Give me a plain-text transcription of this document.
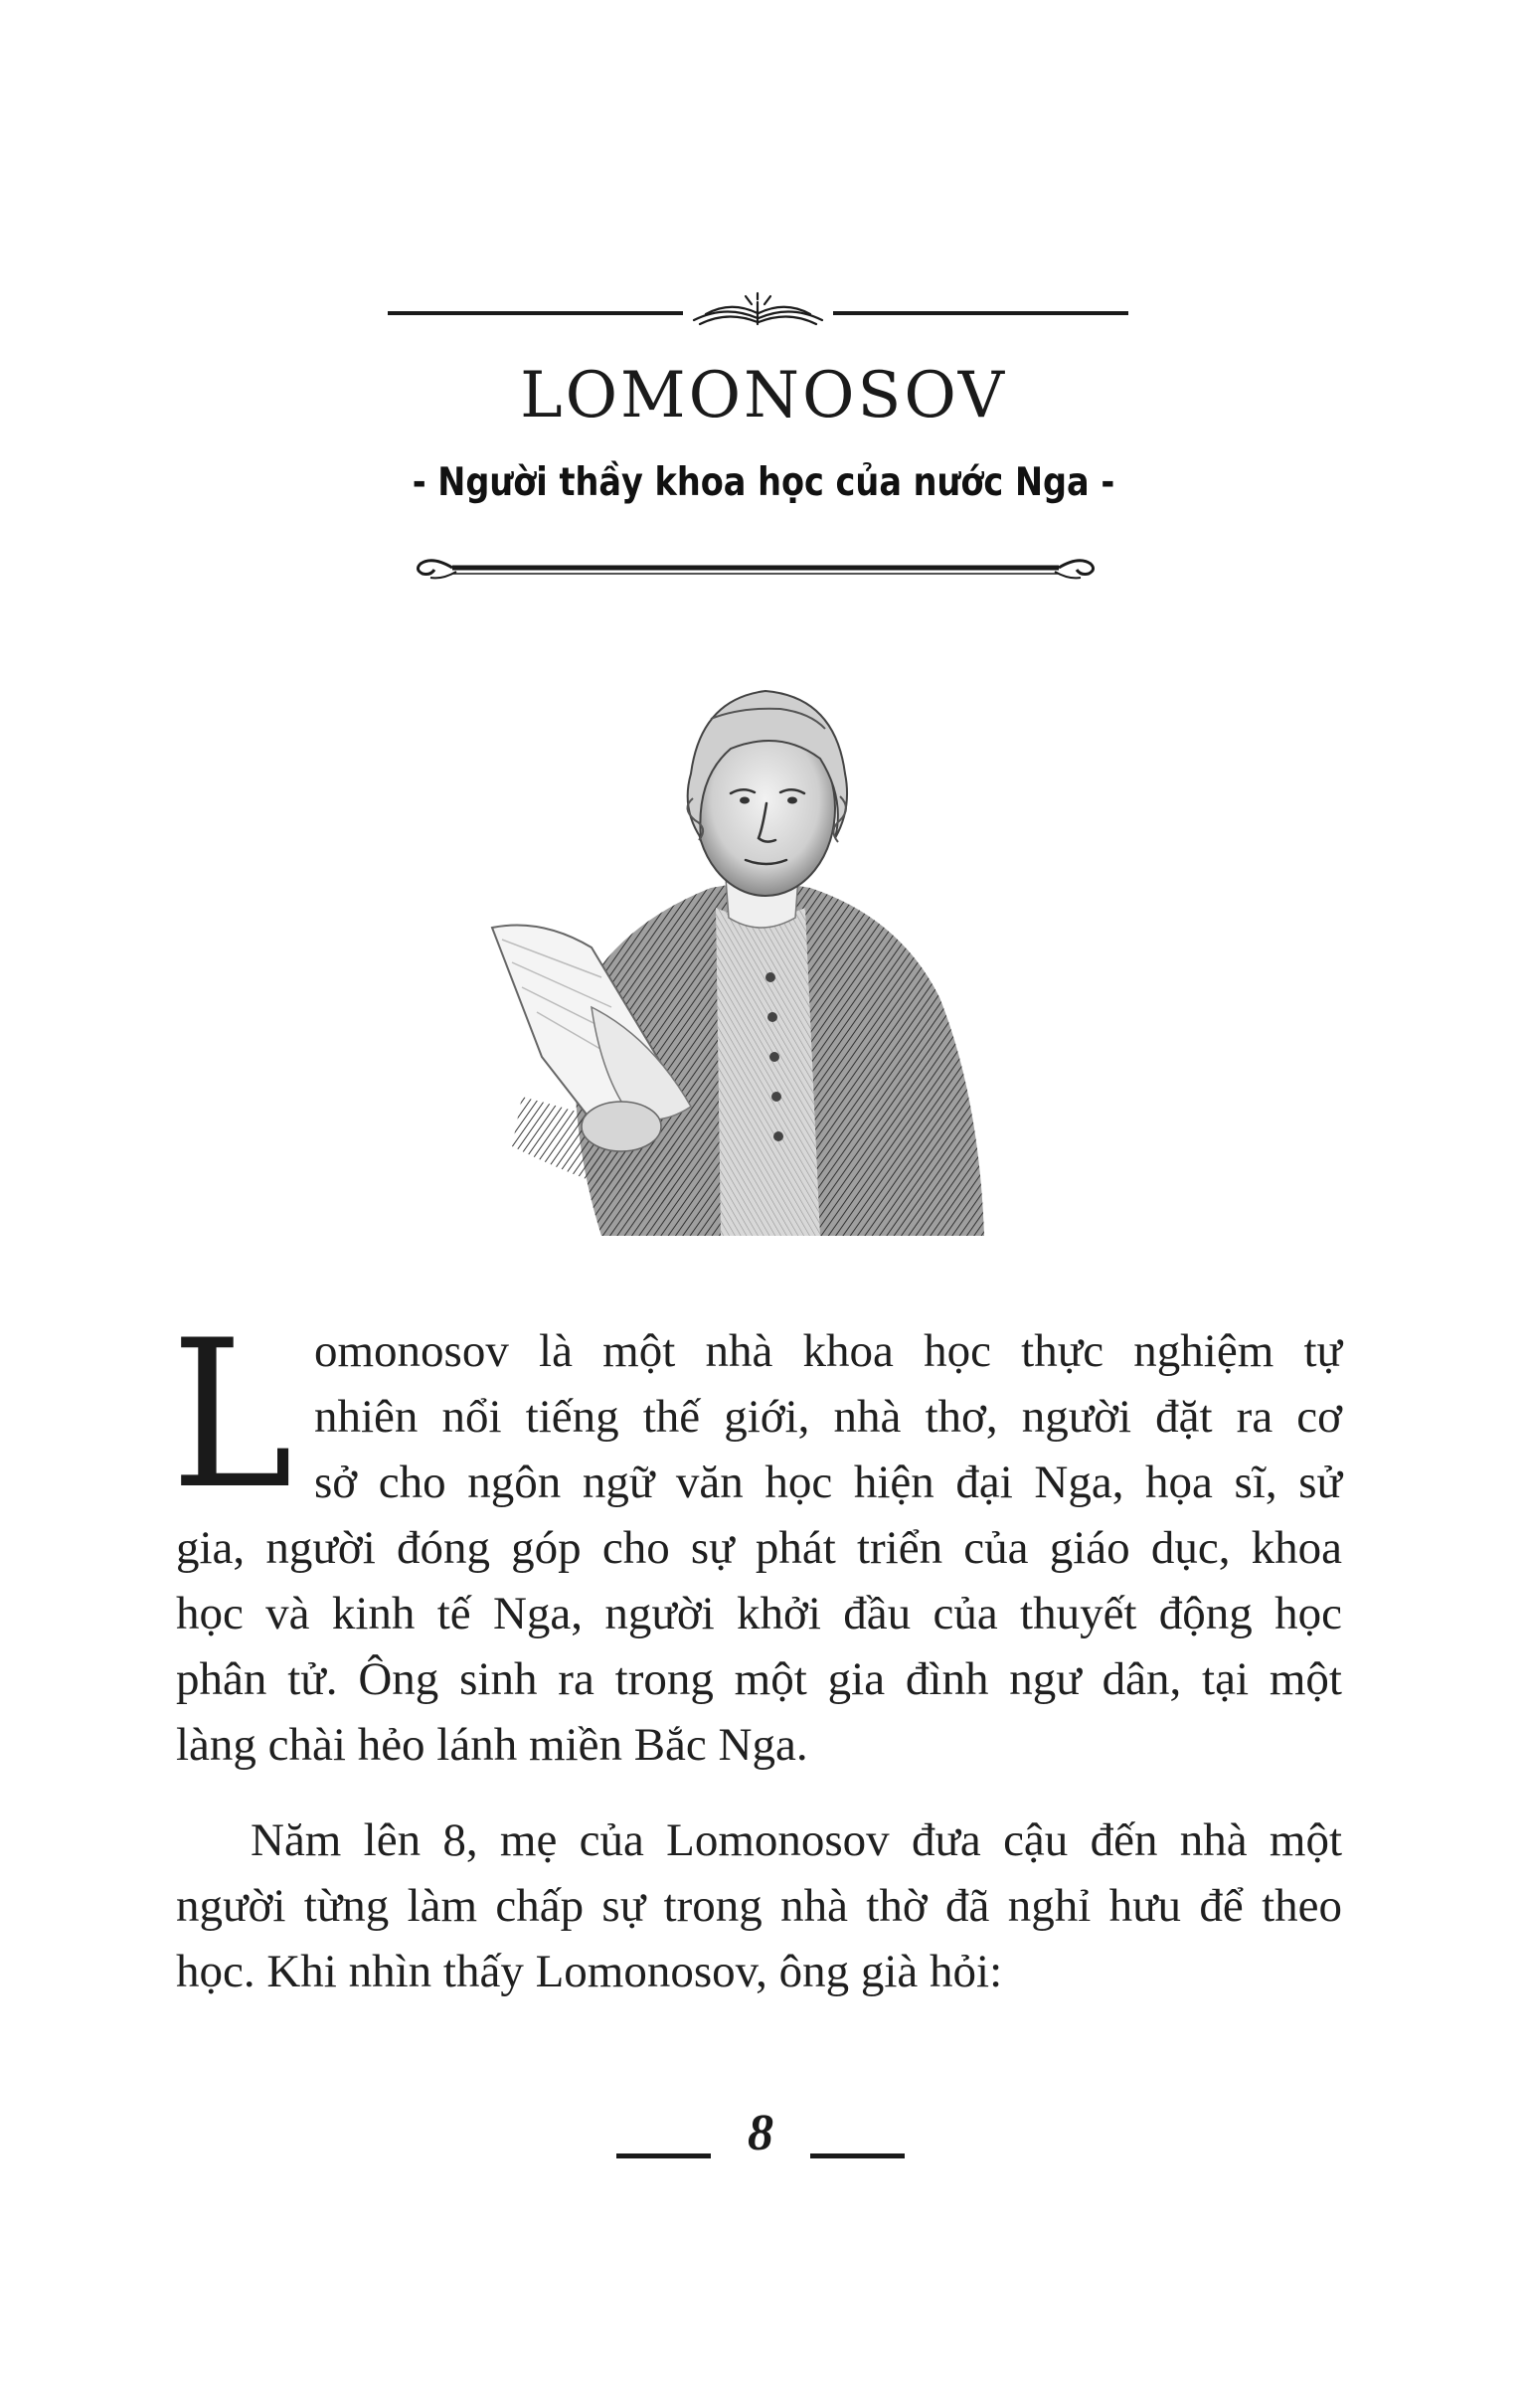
LOMONOSOV
- Người thầy khoa học của nước Nga -
L omonosov là một nhà khoa học thực nghiệm tự
nhiên nổi tiếng thế giới, nhà thơ, người đặt ra cơ
sở cho ngôn ngữ văn học hiện đại Nga, họa sĩ, sử
gia, người đóng góp cho sự phát triển của giáo dục, khoa
học và kinh tế Nga, người khởi đầu của thuyết động học
phân tử. Ông sinh ra trong một gia đình ngư dân, tại một
làng chài hẻo lánh miền Bắc Nga.
Năm lên 8, mẹ của Lomonosov đưa cậu đến nhà một
người từng làm chấp sự trong nhà thờ đã nghỉ hưu để theo
học. Khi nhìn thấy Lomonosov, ông già hỏi:
8
